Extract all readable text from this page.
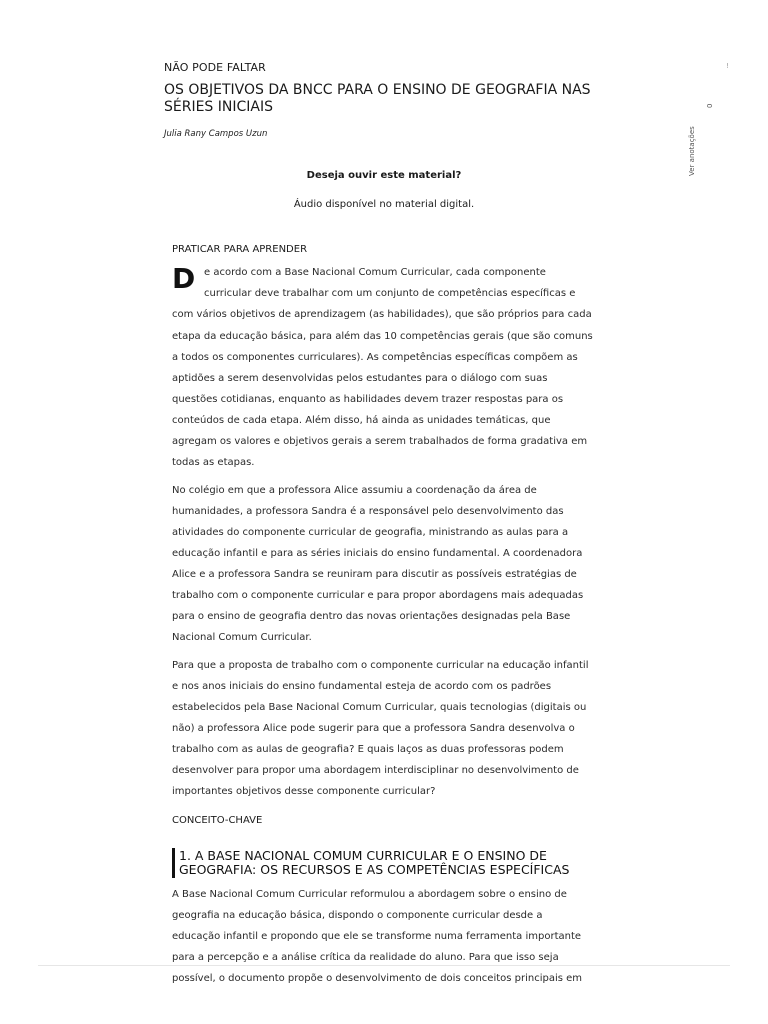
NÃO PODE FALTAR
OS OBJETIVOS DA BNCC PARA O ENSINO DE GEOGRAFIA NAS SÉRIES INICIAIS
Julia Rany Campos Uzun
Deseja ouvir este material?
Áudio disponível no material digital.
!
0
Ver anotações
PRATICAR PARA APRENDER
D e acordo com a Base Nacional Comum Curricular, cada componente
curricular deve trabalhar com um conjunto de competências específicas e
com vários objetivos de aprendizagem (as habilidades), que são próprios para cada
etapa da educação básica, para além das 10 competências gerais (que são comuns
a todos os componentes curriculares). As competências específicas compõem as
aptidões a serem desenvolvidas pelos estudantes para o diálogo com suas
questões cotidianas, enquanto as habilidades devem trazer respostas para os
conteúdos de cada etapa. Além disso, há ainda as unidades temáticas, que
agregam os valores e objetivos gerais a serem trabalhados de forma gradativa em
todas as etapas.
No colégio em que a professora Alice assumiu a coordenação da área de
humanidades, a professora Sandra é a responsável pelo desenvolvimento das
atividades do componente curricular de geografia, ministrando as aulas para a
educação infantil e para as séries iniciais do ensino fundamental. A coordenadora
Alice e a professora Sandra se reuniram para discutir as possíveis estratégias de
trabalho com o componente curricular e para propor abordagens mais adequadas
para o ensino de geografia dentro das novas orientações designadas pela Base
Nacional Comum Curricular.
Para que a proposta de trabalho com o componente curricular na educação infantil
e nos anos iniciais do ensino fundamental esteja de acordo com os padrões
estabelecidos pela Base Nacional Comum Curricular, quais tecnologias (digitais ou
não) a professora Alice pode sugerir para que a professora Sandra desenvolva o
trabalho com as aulas de geografia? E quais laços as duas professoras podem
desenvolver para propor uma abordagem interdisciplinar no desenvolvimento de
importantes objetivos desse componente curricular?
CONCEITO-CHAVE
1. A BASE NACIONAL COMUM CURRICULAR E O ENSINO DE
GEOGRAFIA: OS RECURSOS E AS COMPETÊNCIAS ESPECÍFICAS
A Base Nacional Comum Curricular reformulou a abordagem sobre o ensino de
geografia na educação básica, dispondo o componente curricular desde a
educação infantil e propondo que ele se transforme numa ferramenta importante
para a percepção e a análise crítica da realidade do aluno. Para que isso seja
possível, o documento propõe o desenvolvimento de dois conceitos principais em
